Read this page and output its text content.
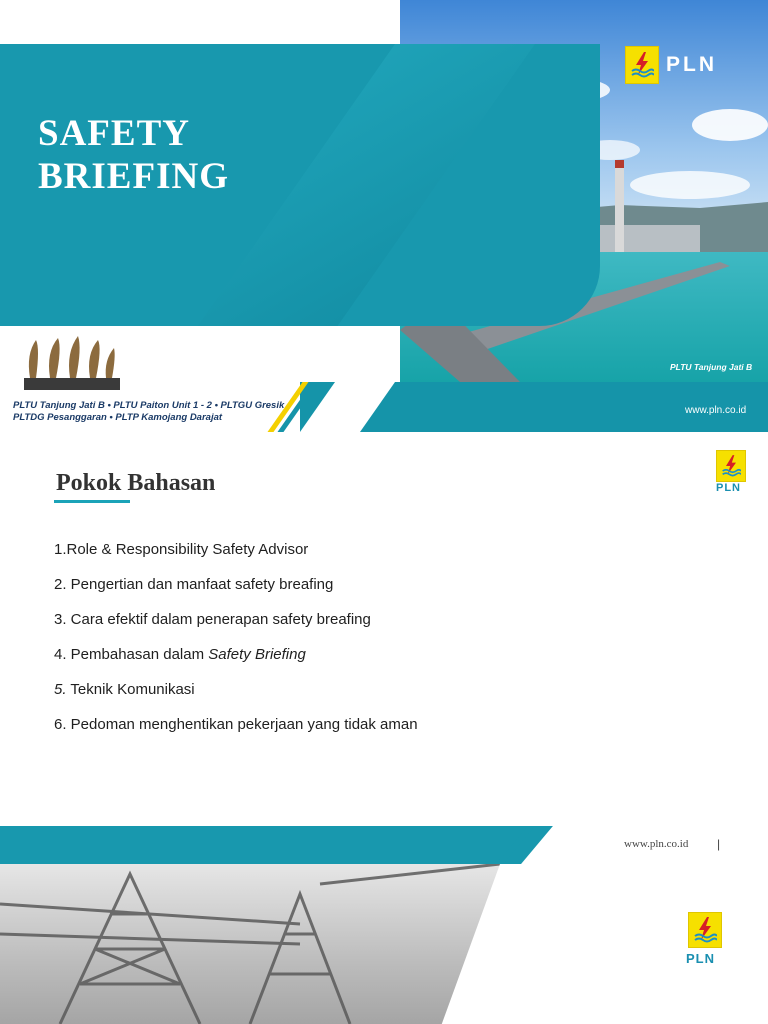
SAFETY
BRIEFING
PLN
PLTU Tanjung Jati B • PLTU Paiton Unit 1 - 2 • PLTGU Gresik
PLTDG Pesanggaran • PLTP Kamojang Darajat
PLTU Tanjung Jati B
www.pln.co.id
Pokok Bahasan	PLN
1.Role & Responsibility Safety Advisor
2. Pengertian dan manfaat safety breafing
3. Cara efektif dalam penerapan safety breafing
4. Pembahasan dalam Safety Briefing
5. Teknik Komunikasi
6. Pedoman menghentikan pekerjaan yang tidak aman
www.pln.co.id |
PLN
